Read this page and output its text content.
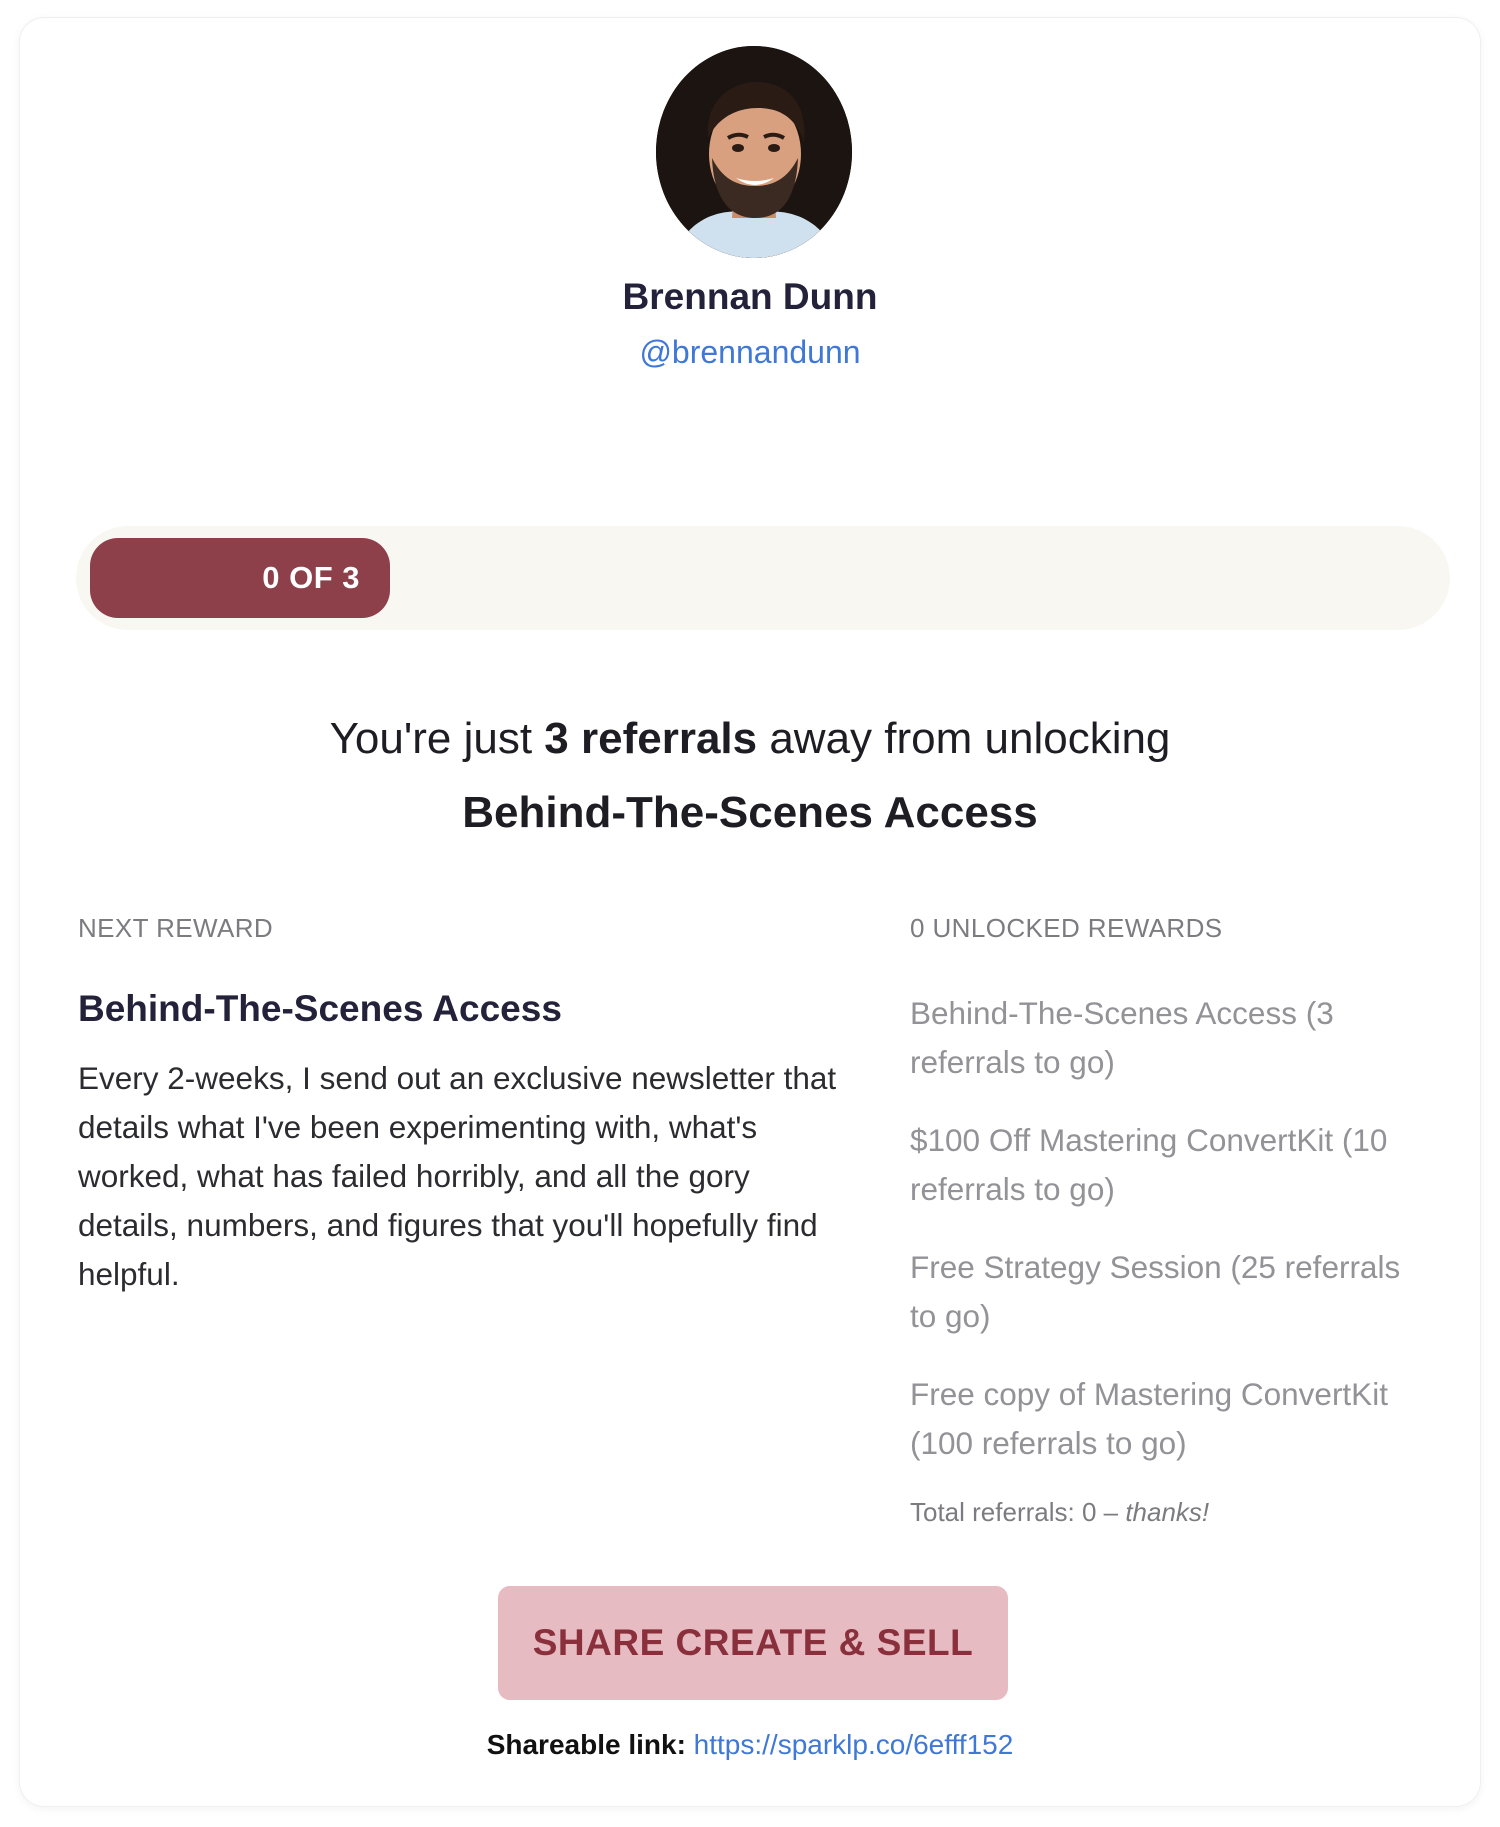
Brennan Dunn
@brennandunn
0 OF 3
You're just 3 referrals away from unlocking
Behind-The-Scenes Access
NEXT REWARD
Behind-The-Scenes Access

Every 2-weeks, I send out an exclusive newsletter that details what I've been experimenting with, what's worked, what has failed horribly, and all the gory details, numbers, and figures that you'll hopefully find helpful.

0 UNLOCKED REWARDS
Behind-The-Scenes Access (3 referrals to go)
$100 Off Mastering ConvertKit (10 referrals to go)
Free Strategy Session (25 referrals to go)
Free copy of Mastering ConvertKit (100 referrals to go)
Total referrals: 0 – thanks!
SHARE CREATE & SELL
Shareable link: https://sparklp.co/6efff152
